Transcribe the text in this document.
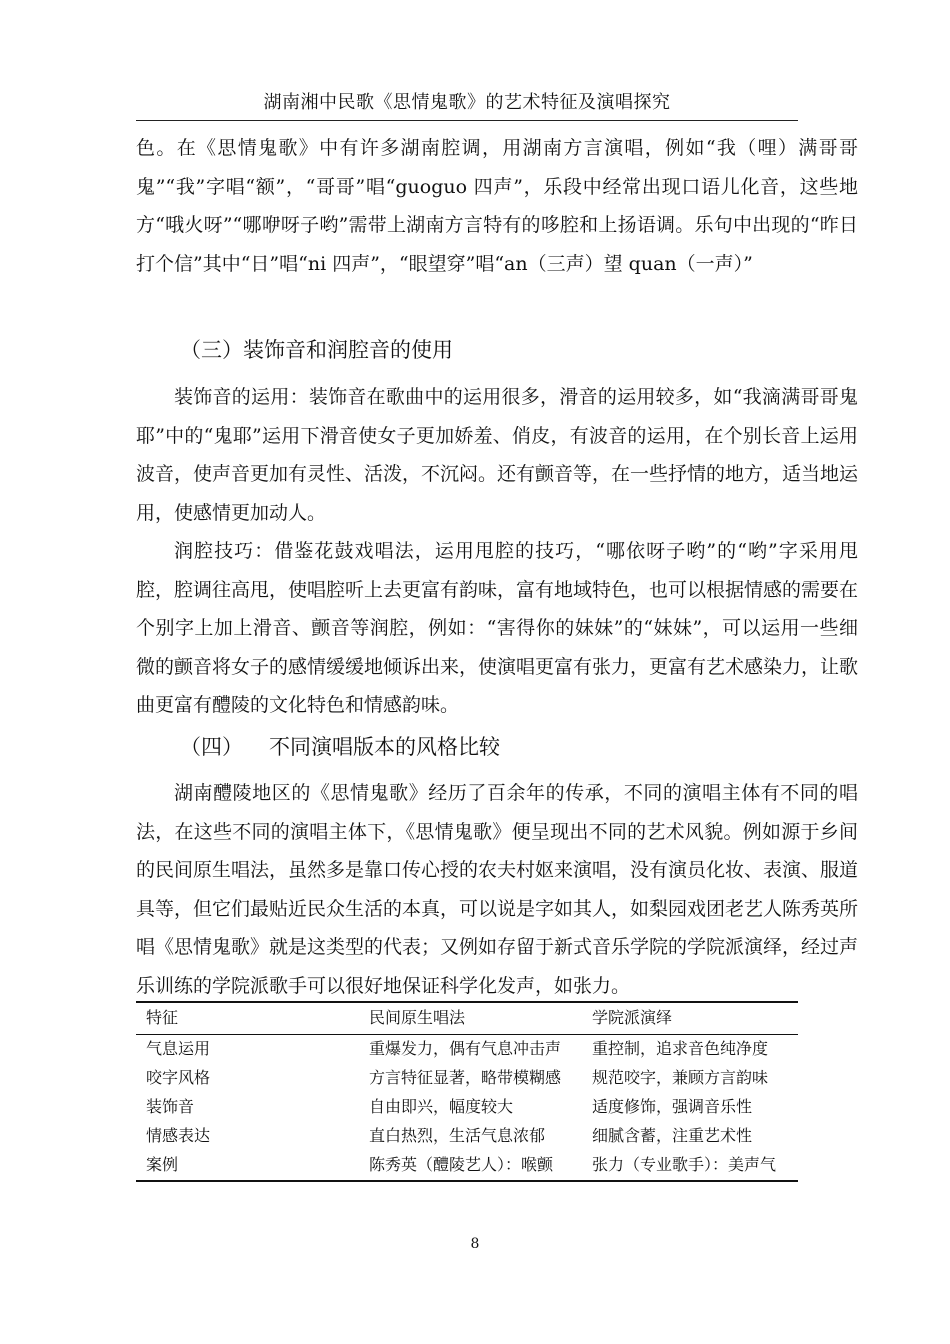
湖南湘中民歌《思情鬼歌》的艺术特征及演唱探究

色。在《思情鬼歌》中有许多湖南腔调，用湖南方言演唱，例如“我（哩）满哥哥鬼”“我”字唱“额”，“哥哥”唱“guoguo 四声”，乐段中经常出现口语儿化音，这些地方“哦火呀”“哪咿呀子哟”需带上湖南方言特有的哆腔和上扬语调。乐句中出现的“昨日打个信”其中“日”唱“ni 四声”，“眼望穿”唱“an（三声）望 quan（一声）”

（三）装饰音和润腔音的使用

装饰音的运用：装饰音在歌曲中的运用很多，滑音的运用较多，如“我滴满哥哥鬼耶”中的“鬼耶”运用下滑音使女子更加娇羞、俏皮，有波音的运用，在个别长音上运用波音，使声音更加有灵性、活泼，不沉闷。还有颤音等，在一些抒情的地方，适当地运用，使感情更加动人。

润腔技巧：借鉴花鼓戏唱法，运用甩腔的技巧，“哪依呀子哟”的“哟”字采用甩腔，腔调往高甩，使唱腔听上去更富有韵味，富有地域特色，也可以根据情感的需要在个别字上加上滑音、颤音等润腔，例如：“害得你的妹妹”的“妹妹”，可以运用一些细微的颤音将女子的感情缓缓地倾诉出来，使演唱更富有张力，更富有艺术感染力，让歌曲更富有醴陵的文化特色和情感韵味。

（四） 不同演唱版本的风格比较

湖南醴陵地区的《思情鬼歌》经历了百余年的传承，不同的演唱主体有不同的唱法，在这些不同的演唱主体下，《思情鬼歌》便呈现出不同的艺术风貌。例如源于乡间的民间原生唱法，虽然多是靠口传心授的农夫村妪来演唱，没有演员化妆、表演、服道具等，但它们最贴近民众生活的本真，可以说是字如其人，如梨园戏团老艺人陈秀英所唱《思情鬼歌》就是这类型的代表；又例如存留于新式音乐学院的学院派演绎，经过声乐训练的学院派歌手可以很好地保证科学化发声，如张力。

特征	民间原生唱法	学院派演绎
气息运用	重爆发力，偶有气息冲击声	重控制，追求音色纯净度
咬字风格	方言特征显著，略带模糊感	规范咬字，兼顾方言韵味
装饰音	自由即兴，幅度较大	适度修饰，强调音乐性
情感表达	直白热烈，生活气息浓郁	细腻含蓄，注重艺术性
案例	陈秀英（醴陵艺人）：喉颤	张力（专业歌手）：美声气
8
